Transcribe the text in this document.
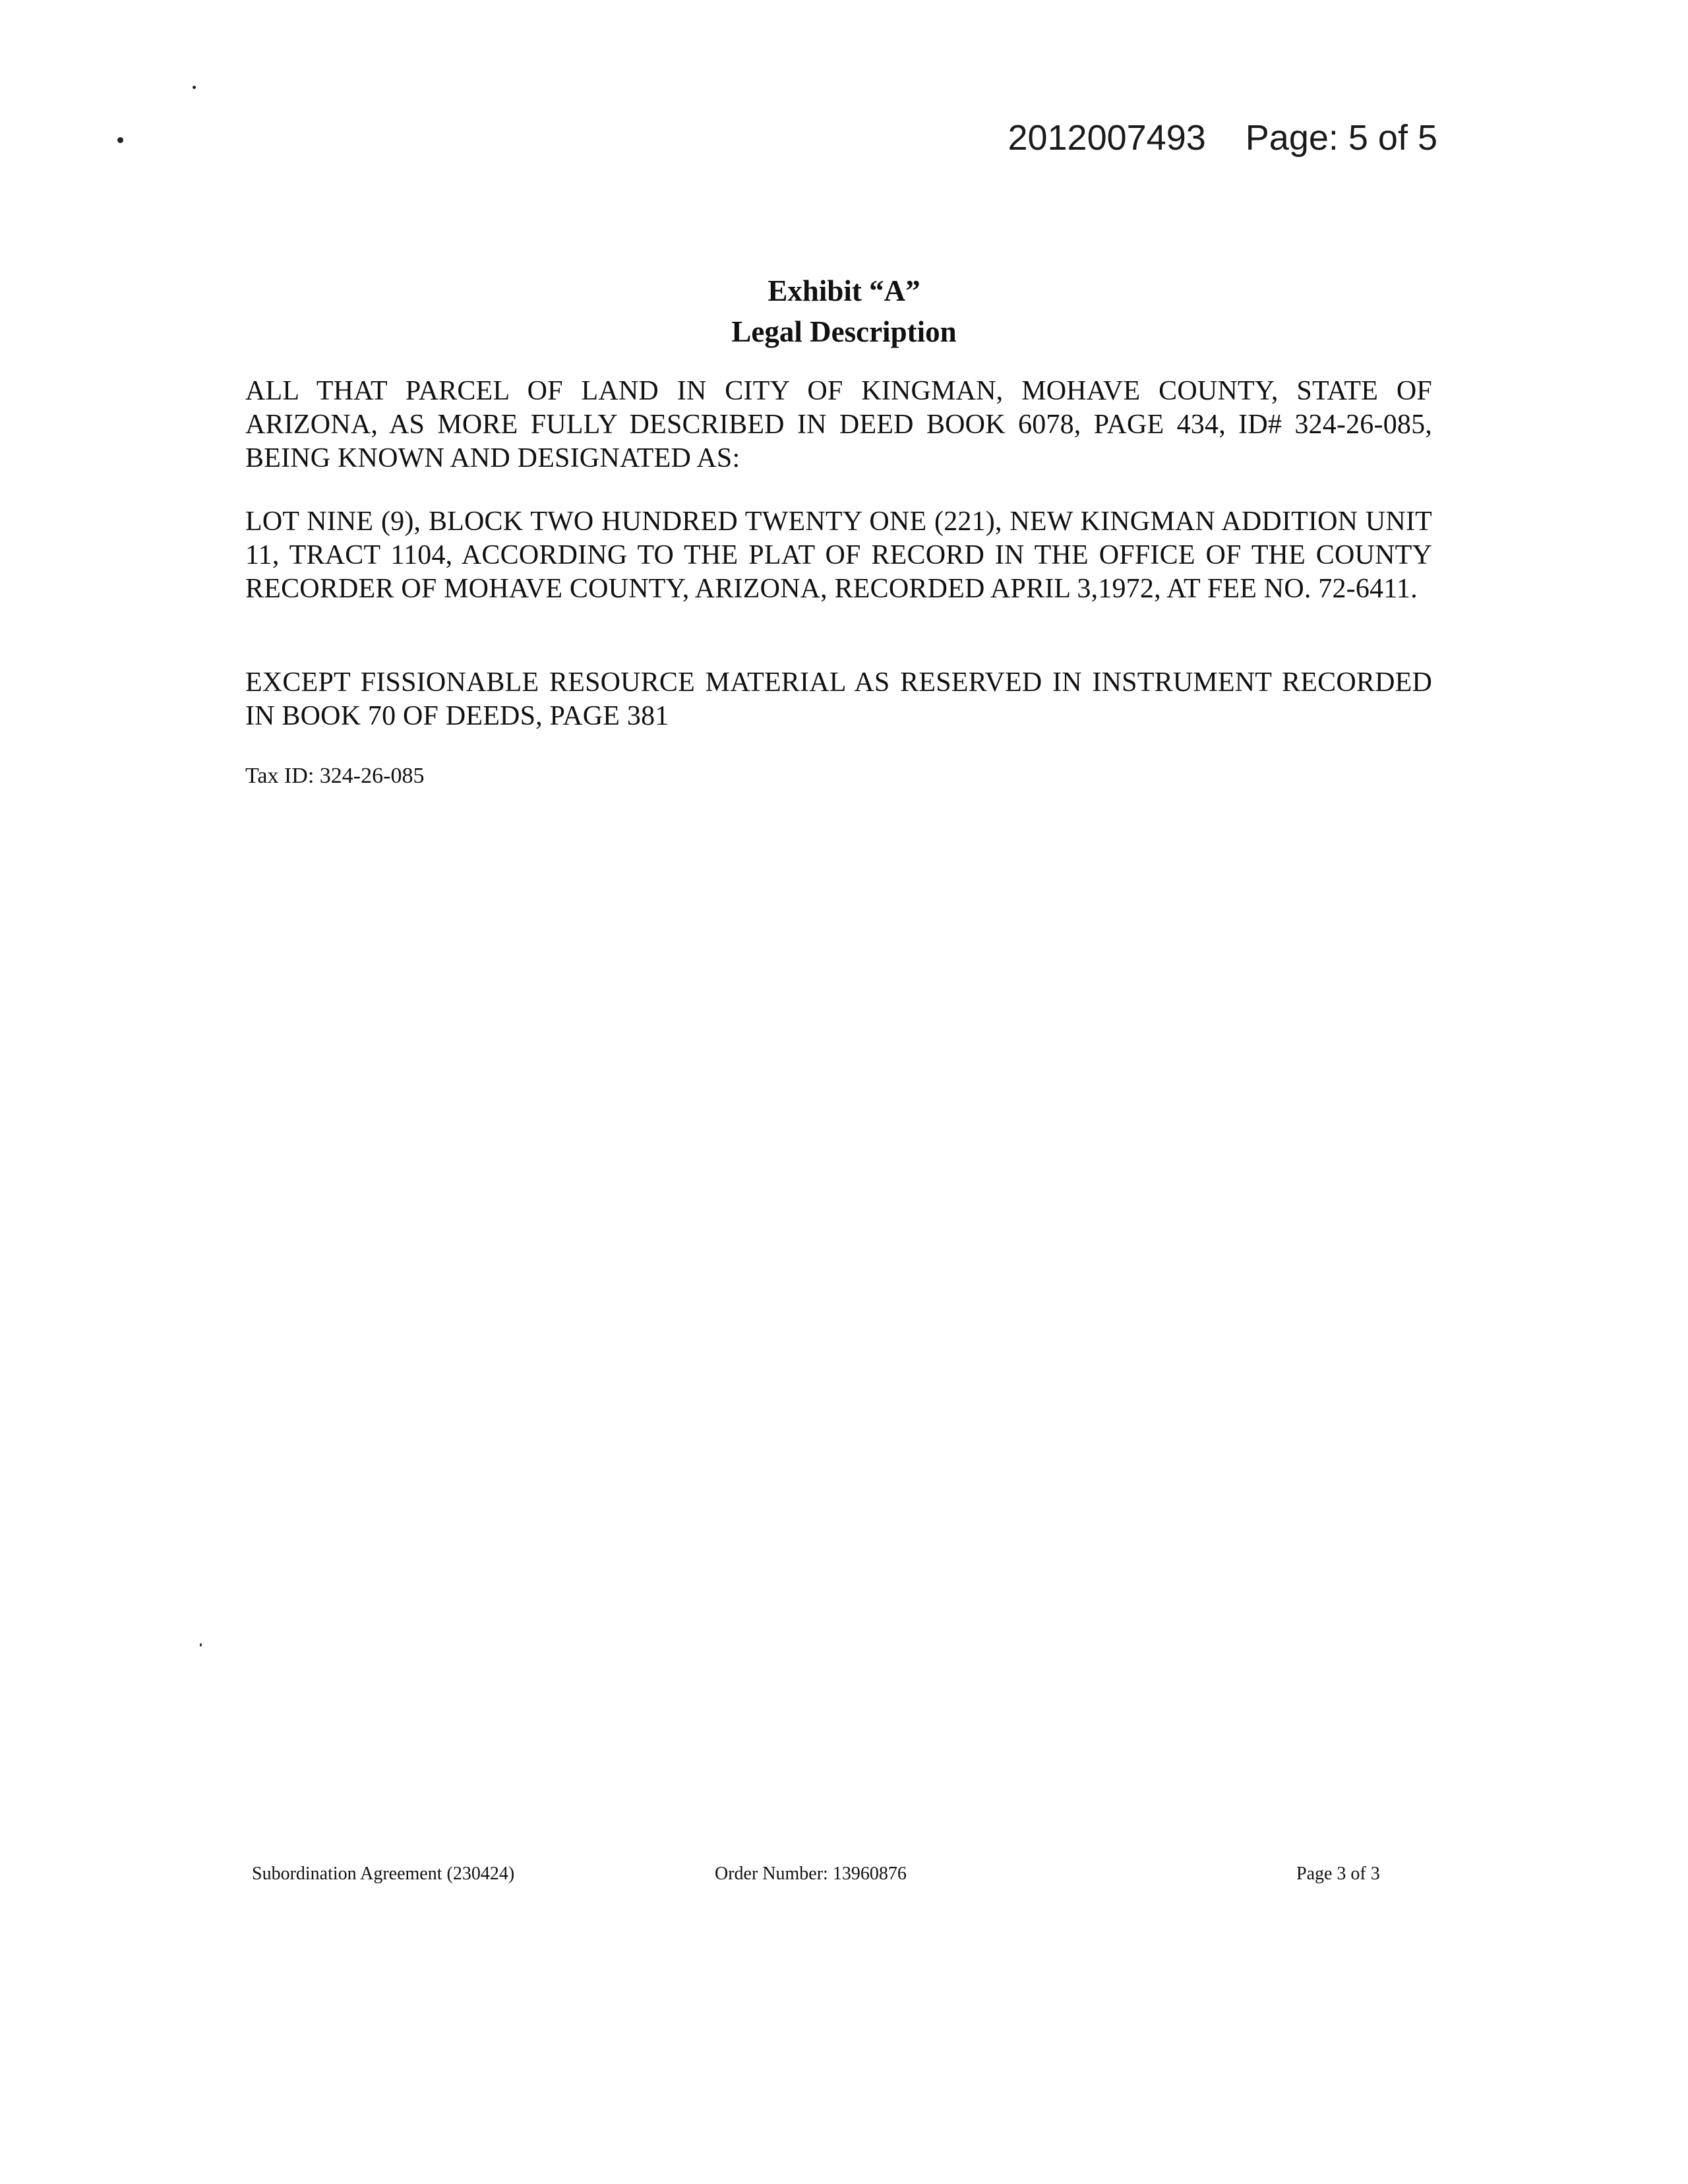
2012007493 Page: 5 of 5
Exhibit “A”
Legal Description
ALL THAT PARCEL OF LAND IN CITY OF KINGMAN, MOHAVE COUNTY, STATE OF ARIZONA, AS MORE FULLY DESCRIBED IN DEED BOOK 6078, PAGE 434, ID# 324-26-085, BEING KNOWN AND DESIGNATED AS:
LOT NINE (9), BLOCK TWO HUNDRED TWENTY ONE (221), NEW KINGMAN ADDITION UNIT 11, TRACT 1104, ACCORDING TO THE PLAT OF RECORD IN THE OFFICE OF THE COUNTY RECORDER OF MOHAVE COUNTY, ARIZONA, RECORDED APRIL 3,1972, AT FEE NO. 72-6411.
EXCEPT FISSIONABLE RESOURCE MATERIAL AS RESERVED IN INSTRUMENT RECORDED IN BOOK 70 OF DEEDS, PAGE 381
Tax ID: 324-26-085
Subordination Agreement (230424)	Order Number: 13960876	Page 3 of 3
